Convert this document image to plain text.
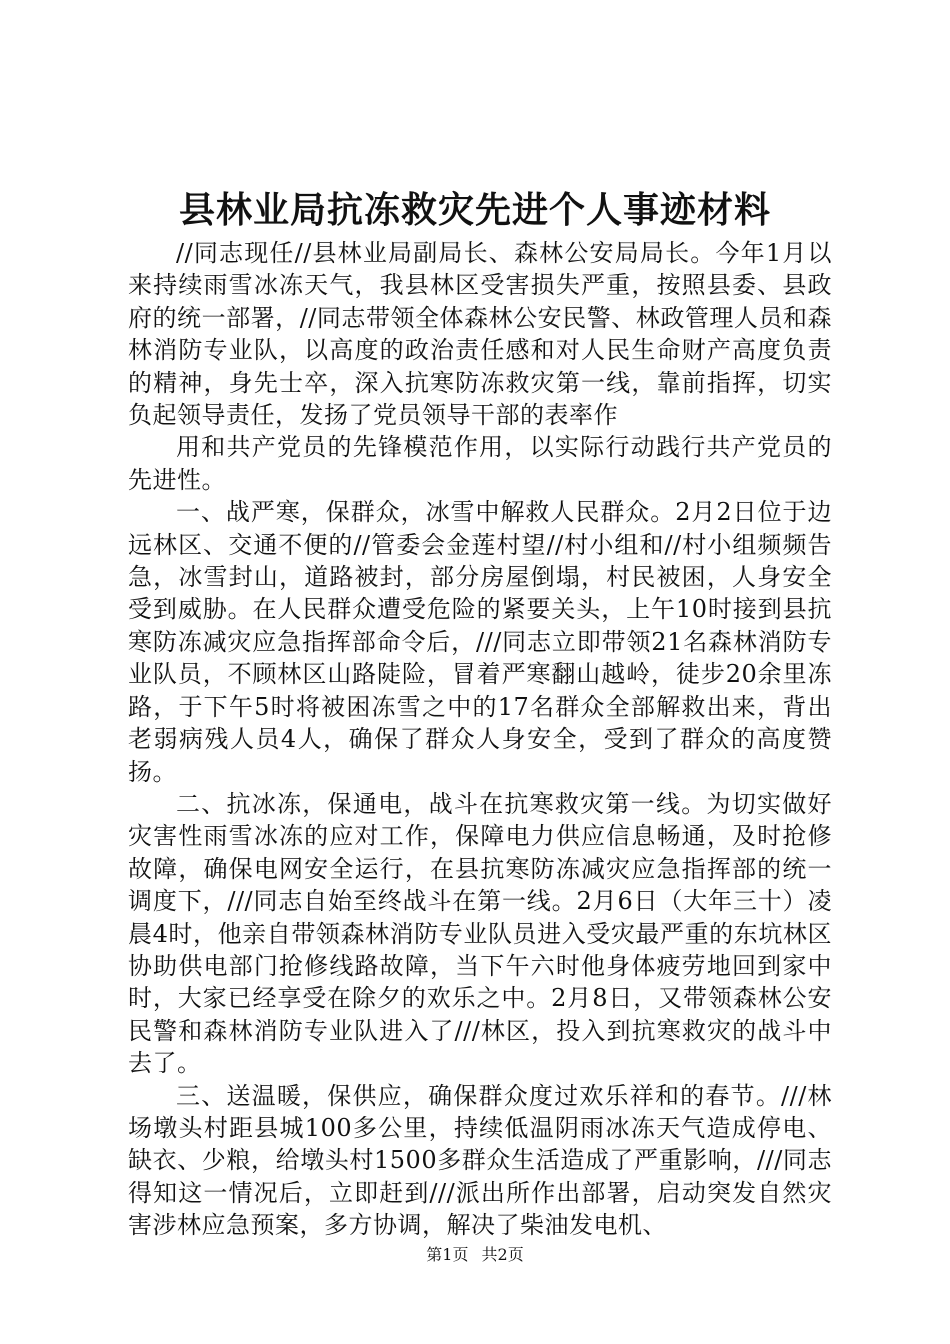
县林业局抗冻救灾先进个人事迹材料

//同志现任//县林业局副局长、森林公安局局长。今年1月以来持续雨雪冰冻天气，我县林区受害损失严重，按照县委、县政府的统一部署，//同志带领全体森林公安民警、林政管理人员和森林消防专业队，以高度的政治责任感和对人民生命财产高度负责的精神，身先士卒，深入抗寒防冻救灾第一线，靠前指挥，切实负起领导责任，发扬了党员领导干部的表率作

用和共产党员的先锋模范作用，以实际行动践行共产党员的先进性。

一、战严寒，保群众，冰雪中解救人民群众。2月2日位于边远林区、交通不便的//管委会金莲村望//村小组和//村小组频频告急，冰雪封山，道路被封，部分房屋倒塌，村民被困，人身安全受到威胁。在人民群众遭受危险的紧要关头，上午10时接到县抗寒防冻减灾应急指挥部命令后，///同志立即带领21名森林消防专业队员，不顾林区山路陡险，冒着严寒翻山越岭，徒步20余里冻路，于下午5时将被困冻雪之中的17名群众全部解救出来，背出老弱病残人员4人，确保了群众人身安全，受到了群众的高度赞扬。

二、抗冰冻，保通电，战斗在抗寒救灾第一线。为切实做好灾害性雨雪冰冻的应对工作，保障电力供应信息畅通，及时抢修故障，确保电网安全运行，在县抗寒防冻减灾应急指挥部的统一调度下，///同志自始至终战斗在第一线。2月6日（大年三十）凌晨4时，他亲自带领森林消防专业队员进入受灾最严重的东坑林区协助供电部门抢修线路故障，当下午六时他身体疲劳地回到家中时，大家已经享受在除夕的欢乐之中。2月8日，又带领森林公安民警和森林消防专业队进入了///林区，投入到抗寒救灾的战斗中去了。

三、送温暖，保供应，确保群众度过欢乐祥和的春节。///林场墩头村距县城100多公里，持续低温阴雨冰冻天气造成停电、缺衣、少粮，给墩头村1500多群众生活造成了严重影响，///同志得知这一情况后，立即赶到///派出所作出部署，启动突发自然灾害涉林应急预案，多方协调，解决了柴油发电机、

第1页 共2页
